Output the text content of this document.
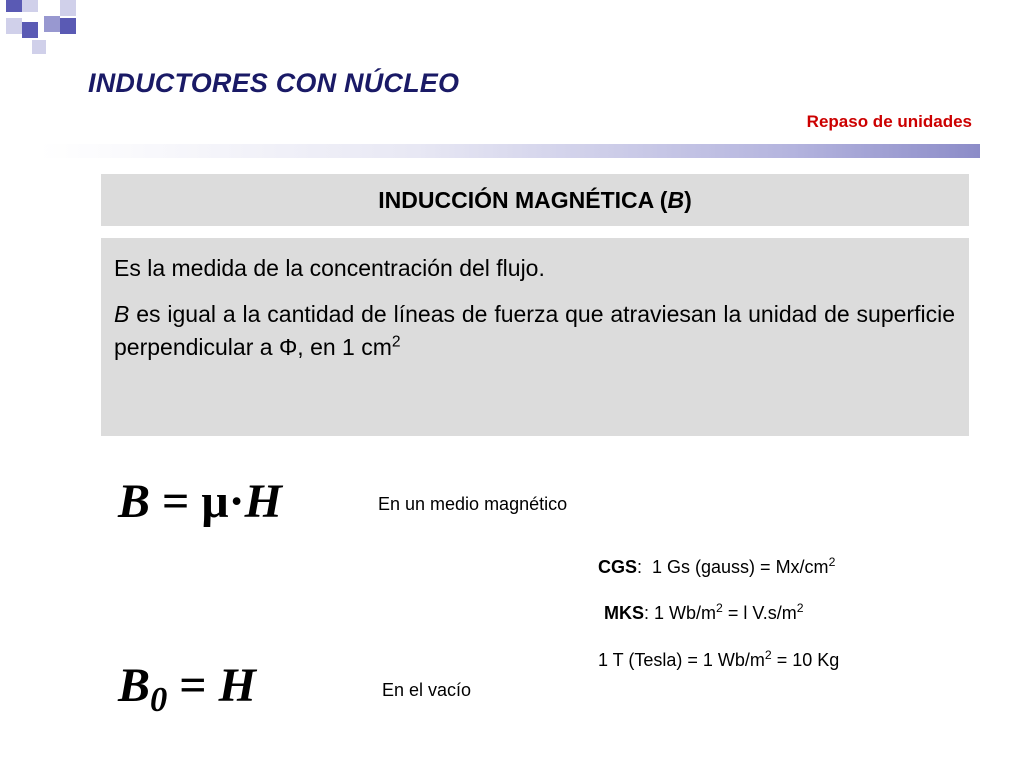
INDUCTORES CON NÚCLEO
Repaso de unidades
INDUCCIÓN MAGNÉTICA ( B )

Es la medida de la concentración del flujo.

B es igual a la cantidad de líneas de fuerza que atraviesan la unidad de superficie perpendicular a Φ, en 1 $cm^2$

B = μ·H	En un medio magnético
$B_0 = H$	En el vacío
CGS:  1 Gs (gauss) = $Mx/cm^2$
MKS: 1 $Wb/m^2 = l$ $V.s/m^2$
1 T (Tesla) = 1 $Wb/m^2 = 10$ Kg
